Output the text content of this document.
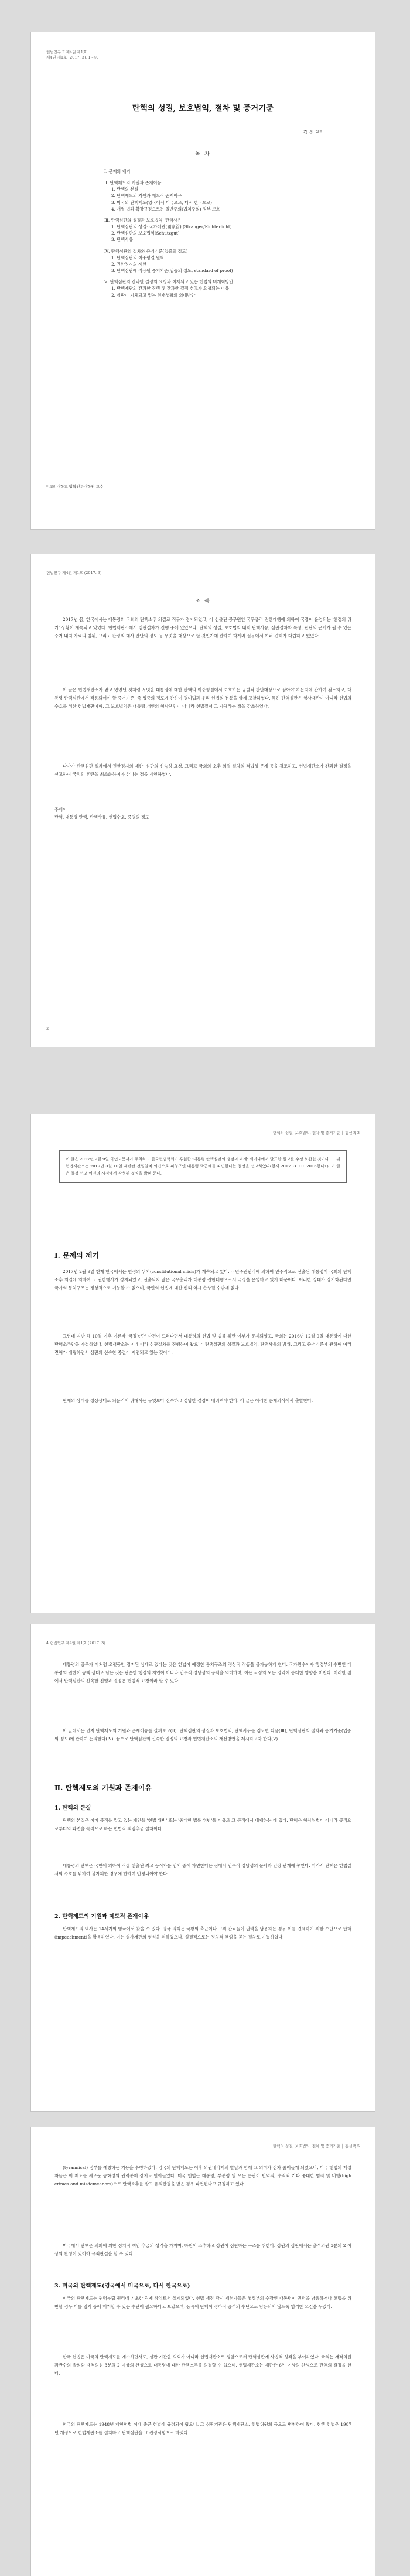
헌법연구 Ⅱ 제4권 제1호
제4권 제1호 (2017. 3), 1~40
탄핵의 성질, 보호법익, 절차 및 증거기준
김 선 택*
목 차
Ⅰ. 문제의 제기
Ⅱ. 탄핵제도의 기원과 존재이유
1. 탄핵의 본질
2. 탄핵제도의 기원과 제도적 존재이유
3. 미국의 탄핵제도(영국에서 미국으로, 다시 한국으로)
4. 개별 법과 확장규정으로는 일반주의(법치주의) 정부 보호
Ⅲ. 탄핵심판의 성질과 보호법익, 탄핵사유
1. 탄핵심판의 성질: 국가에관(國家管) (Stranger/Richterlicht)
2. 탄핵심판의 보호법익(Schutzgut)
3. 탄핵사유
Ⅳ. 탄핵심판의 절차와 증거기준(입증의 정도)
1. 탄핵심판의 이중평결 원칙
2. 권한정지의 제한
3. 탄핵심판에 적용될 증거기준(입증의 정도, standard of proof)
Ⅴ. 탄핵심판의 간과한 결정의 요청과 이제되고 있는 헌법의 비개혁방안
1. 탄핵재판의 간과한 진행 및 간과한 결정 선고가 요청되는 이유
2. 심판이 지체되고 있는 헌재생활의 의대방안
* 고려대학교 법학전문대학원 교수
헌법연구 제4권 제1호 (2017. 3)
초 록
2017년 봄, 한국에서는 대통령의 국회의 탄핵소추 의결로 직무가 정지되었고, 이 선출된 공무원인 국무총리 권한대행에 의하여 국정이 운영되는 '헌정의 위기' 상황이 계속되고 있었다. 헌법재판소에서 심판절차가 진행 중에 있었으나, 탄핵의 성질, 보호법익 내지 탄핵사유, 심판절차와 특성, 판단의 근거가 될 수 있는 증거 내지 자료의 범위, 그리고 판정의 대사 판단의 정도 등 무엇을 대상으로 할 것인가에 관하여 학계와 실무에서 여러 견해가 대립하고 있었다.
이 글은 헌법재판소가 맡고 있었던 것처럼 무엇을 대통령에 대한 탄핵의 이중평결에서 보호하는 규범적 판단대상으로 삼아야 하는지에 관하여 검토하고, 대통령 탄핵심판에서 적용되어야 할 증거기준, 즉 입증의 정도에 관하여 영미법과 우리 헌법의 전통을 함께 고찰하였다. 특히 탄핵심판은 형사재판이 아니라 헌법의 수호를 위한 헌법재판이며, 그 보호법익은 대통령 개인의 형사책임이 아니라 헌법질서 그 자체라는 점을 강조하였다.
나아가 탄핵심판 절차에서 권한정지의 제한, 심판의 신속성 요청, 그리고 국회의 소추 의결 절차의 적법성 문제 등을 검토하고, 헌법재판소가 간과한 결정을 선고하여 국정의 혼란을 최소화하여야 한다는 점을 제언하였다.
주제어
탄핵, 대통령 탄핵, 탄핵사유, 헌법수호, 증명의 정도
2
탄핵의 성질, 보호법익, 절차 및 증거기준 │ 김선택 3
이 글은 2017년 2월 9일 국민고문서가 주최하고 한국헌법학회가 후원한 '대통령 탄핵심판의 쟁점과 과제' 세미나에서 발표한 원고를 수정·보완한 것이다. 그 뒤 헌법재판소는 2017년 3월 10일 재판관 전원일치 의견으로 피청구인 대통령 박근혜를 파면한다는 결정을 선고하였다(헌재 2017. 3. 10. 2016헌나1). 이 글은 결정 선고 이전의 시점에서 작성된 것임을 밝혀 둔다.
Ⅰ. 문제의 제기
2017년 2월 9일 현재 한국에서는 헌정의 위기(constitutional crisis)가 계속되고 있다. 국민주권원리에 의하여 민주적으로 선출된 대통령이 국회의 탄핵소추 의결에 의하여 그 권한행사가 정지되었고, 선출되지 않은 국무총리가 대통령 권한대행으로서 국정을 운영하고 있기 때문이다. 이러한 상태가 장기화된다면 국가의 통치구조는 정상적으로 기능할 수 없으며, 국민의 헌법에 대한 신뢰 역시 손상될 수밖에 없다.
그런데 지난 해 10월 이후 이른바 '국정농단' 사건이 드러나면서 대통령의 헌법 및 법률 위반 여부가 문제되었고, 국회는 2016년 12월 9일 대통령에 대한 탄핵소추안을 가결하였다. 헌법재판소는 이에 따라 심판절차를 진행하여 왔으나, 탄핵심판의 성질과 보호법익, 탄핵사유의 범위, 그리고 증거기준에 관하여 여러 견해가 대립하면서 심판의 신속한 종결이 지연되고 있는 것이다.
현재의 상태를 정상상태로 되돌리기 위해서는 무엇보다 신속하고 정당한 결정이 내려져야 한다. 이 글은 이러한 문제의식에서 출발한다.
4 헌법연구 제4권 제1호 (2017. 3)
대통령의 공무가 이처럼 오랫동안 정지된 상태로 있다는 것은 헌법이 예정한 통치구조의 정상적 작동을 불가능하게 한다. 국가원수이자 행정부의 수반인 대통령의 권한이 공백 상태로 남는 것은 단순한 행정의 지연이 아니라 민주적 정당성의 공백을 의미하며, 이는 국정의 모든 영역에 중대한 영향을 미친다. 이러한 점에서 탄핵심판의 신속한 진행과 결정은 헌법적 요청이라 할 수 있다.
이 글에서는 먼저 탄핵제도의 기원과 존재이유를 살펴보고(Ⅱ), 탄핵심판의 성질과 보호법익, 탄핵사유를 검토한 다음(Ⅲ), 탄핵심판의 절차와 증거기준(입증의 정도)에 관하여 논의한다(Ⅳ). 끝으로 탄핵심판의 신속한 결정의 요청과 헌법재판소의 개선방안을 제시하고자 한다(Ⅴ).
Ⅱ. 탄핵제도의 기원과 존재이유
1. 탄핵의 본질
탄핵의 본질은 이미 공직을 맡고 있는 개인을 '헌법 위반' 또는 '중대한 법률 위반'을 이유로 그 공직에서 배제하는 데 있다. 탄핵은 형사처벌이 아니라 공직으로부터의 파면을 목적으로 하는 헌법적 책임추궁 절차이다.
대통령의 탄핵은 국민에 의하여 직접 선출된 최고 공직자를 임기 중에 파면한다는 점에서 민주적 정당성의 문제와 긴장 관계에 놓인다. 따라서 탄핵은 헌법질서의 수호를 위하여 불가피한 경우에 한하여 인정되어야 한다.
2. 탄핵제도의 기원과 제도적 존재이유
탄핵제도의 역사는 14세기의 영국에서 찾을 수 있다. 영국 의회는 국왕의 측근이나 고위 관료들이 권력을 남용하는 경우 이를 견제하기 위한 수단으로 탄핵(impeachment)을 활용하였다. 이는 형사재판의 형식을 취하였으나, 실질적으로는 정치적 책임을 묻는 절차로 기능하였다.
탄핵의 성질, 보호법익, 절차 및 증거기준 │ 김선택 5
(tyrannical) 정부를 예방하는 기능을 수행하였다. 영국의 탄핵제도는 이후 의원내각제의 발달과 함께 그 의미가 점차 줄어들게 되었으나, 미국 헌법의 제정자들은 이 제도를 새로운 공화정의 권력통제 장치로 받아들였다. 미국 헌법은 대통령, 부통령 및 모든 문관이 반역죄, 수뢰죄 기타 중대한 범죄 및 비행(high crimes and misdemeanors)으로 탄핵소추를 받고 유죄판결을 받은 경우 파면된다고 규정하고 있다.
미국에서 탄핵은 의회에 의한 정치적 책임 추궁의 성격을 가지며, 하원이 소추하고 상원이 심판하는 구조를 취한다. 상원의 심판에서는 출석의원 3분의 2 이상의 찬성이 있어야 유죄판결을 할 수 있다.
3. 미국의 탄핵제도(영국에서 미국으로, 다시 한국으로)
미국의 탄핵제도는 권력분립 원리에 기초한 견제 장치로서 설계되었다. 헌법 제정 당시 제헌자들은 행정부의 수장인 대통령이 권력을 남용하거나 헌법을 위반할 경우 이를 임기 중에 제거할 수 있는 수단이 필요하다고 보았으며, 동시에 탄핵이 정파적 공격의 수단으로 남용되지 않도록 엄격한 요건을 두었다.
한국 헌법은 미국의 탄핵제도를 계수하면서도, 심판 기관을 의회가 아니라 헌법재판소로 정함으로써 탄핵심판에 사법적 성격을 부여하였다. 국회는 재적의원 과반수의 발의와 재적의원 3분의 2 이상의 찬성으로 대통령에 대한 탄핵소추를 의결할 수 있으며, 헌법재판소는 재판관 6인 이상의 찬성으로 탄핵의 결정을 한다.
한국의 탄핵제도는 1948년 제헌헌법 이래 줄곧 헌법에 규정되어 왔으나, 그 심판기관은 탄핵재판소, 헌법위원회 등으로 변천하여 왔다. 현행 헌법은 1987년 개정으로 헌법재판소를 설치하고 탄핵심판을 그 관장사항으로 하였다.
